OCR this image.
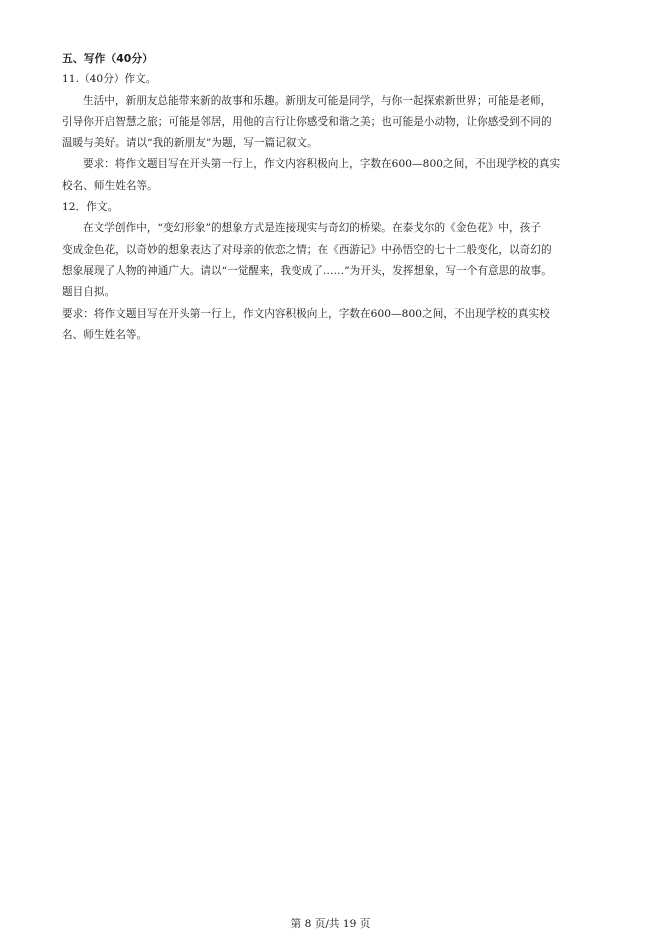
五、写作（40分）
11.（40分）作文。
生活中，新朋友总能带来新的故事和乐趣。新朋友可能是同学，与你一起探索新世界；可能是老师，
引导你开启智慧之旅；可能是邻居，用他的言行让你感受和谐之美；也可能是小动物，让你感受到不同的
温暖与美好。请以“我的新朋友”为题，写一篇记叙文。
要求：将作文题目写在开头第一行上，作文内容积极向上，字数在600—800之间，不出现学校的真实
校名、师生姓名等。
12．作文。
在文学创作中，“变幻形象”的想象方式是连接现实与奇幻的桥梁。在泰戈尔的《金色花》中，孩子
变成金色花，以奇妙的想象表达了对母亲的依恋之情；在《西游记》中孙悟空的七十二般变化，以奇幻的
想象展现了人物的神通广大。请以“一觉醒来，我变成了……”为开头，发挥想象，写一个有意思的故事。
题目自拟。
要求：将作文题目写在开头第一行上，作文内容积极向上，字数在600—800之间，不出现学校的真实校
名、师生姓名等。
第 8 页/共 19 页
